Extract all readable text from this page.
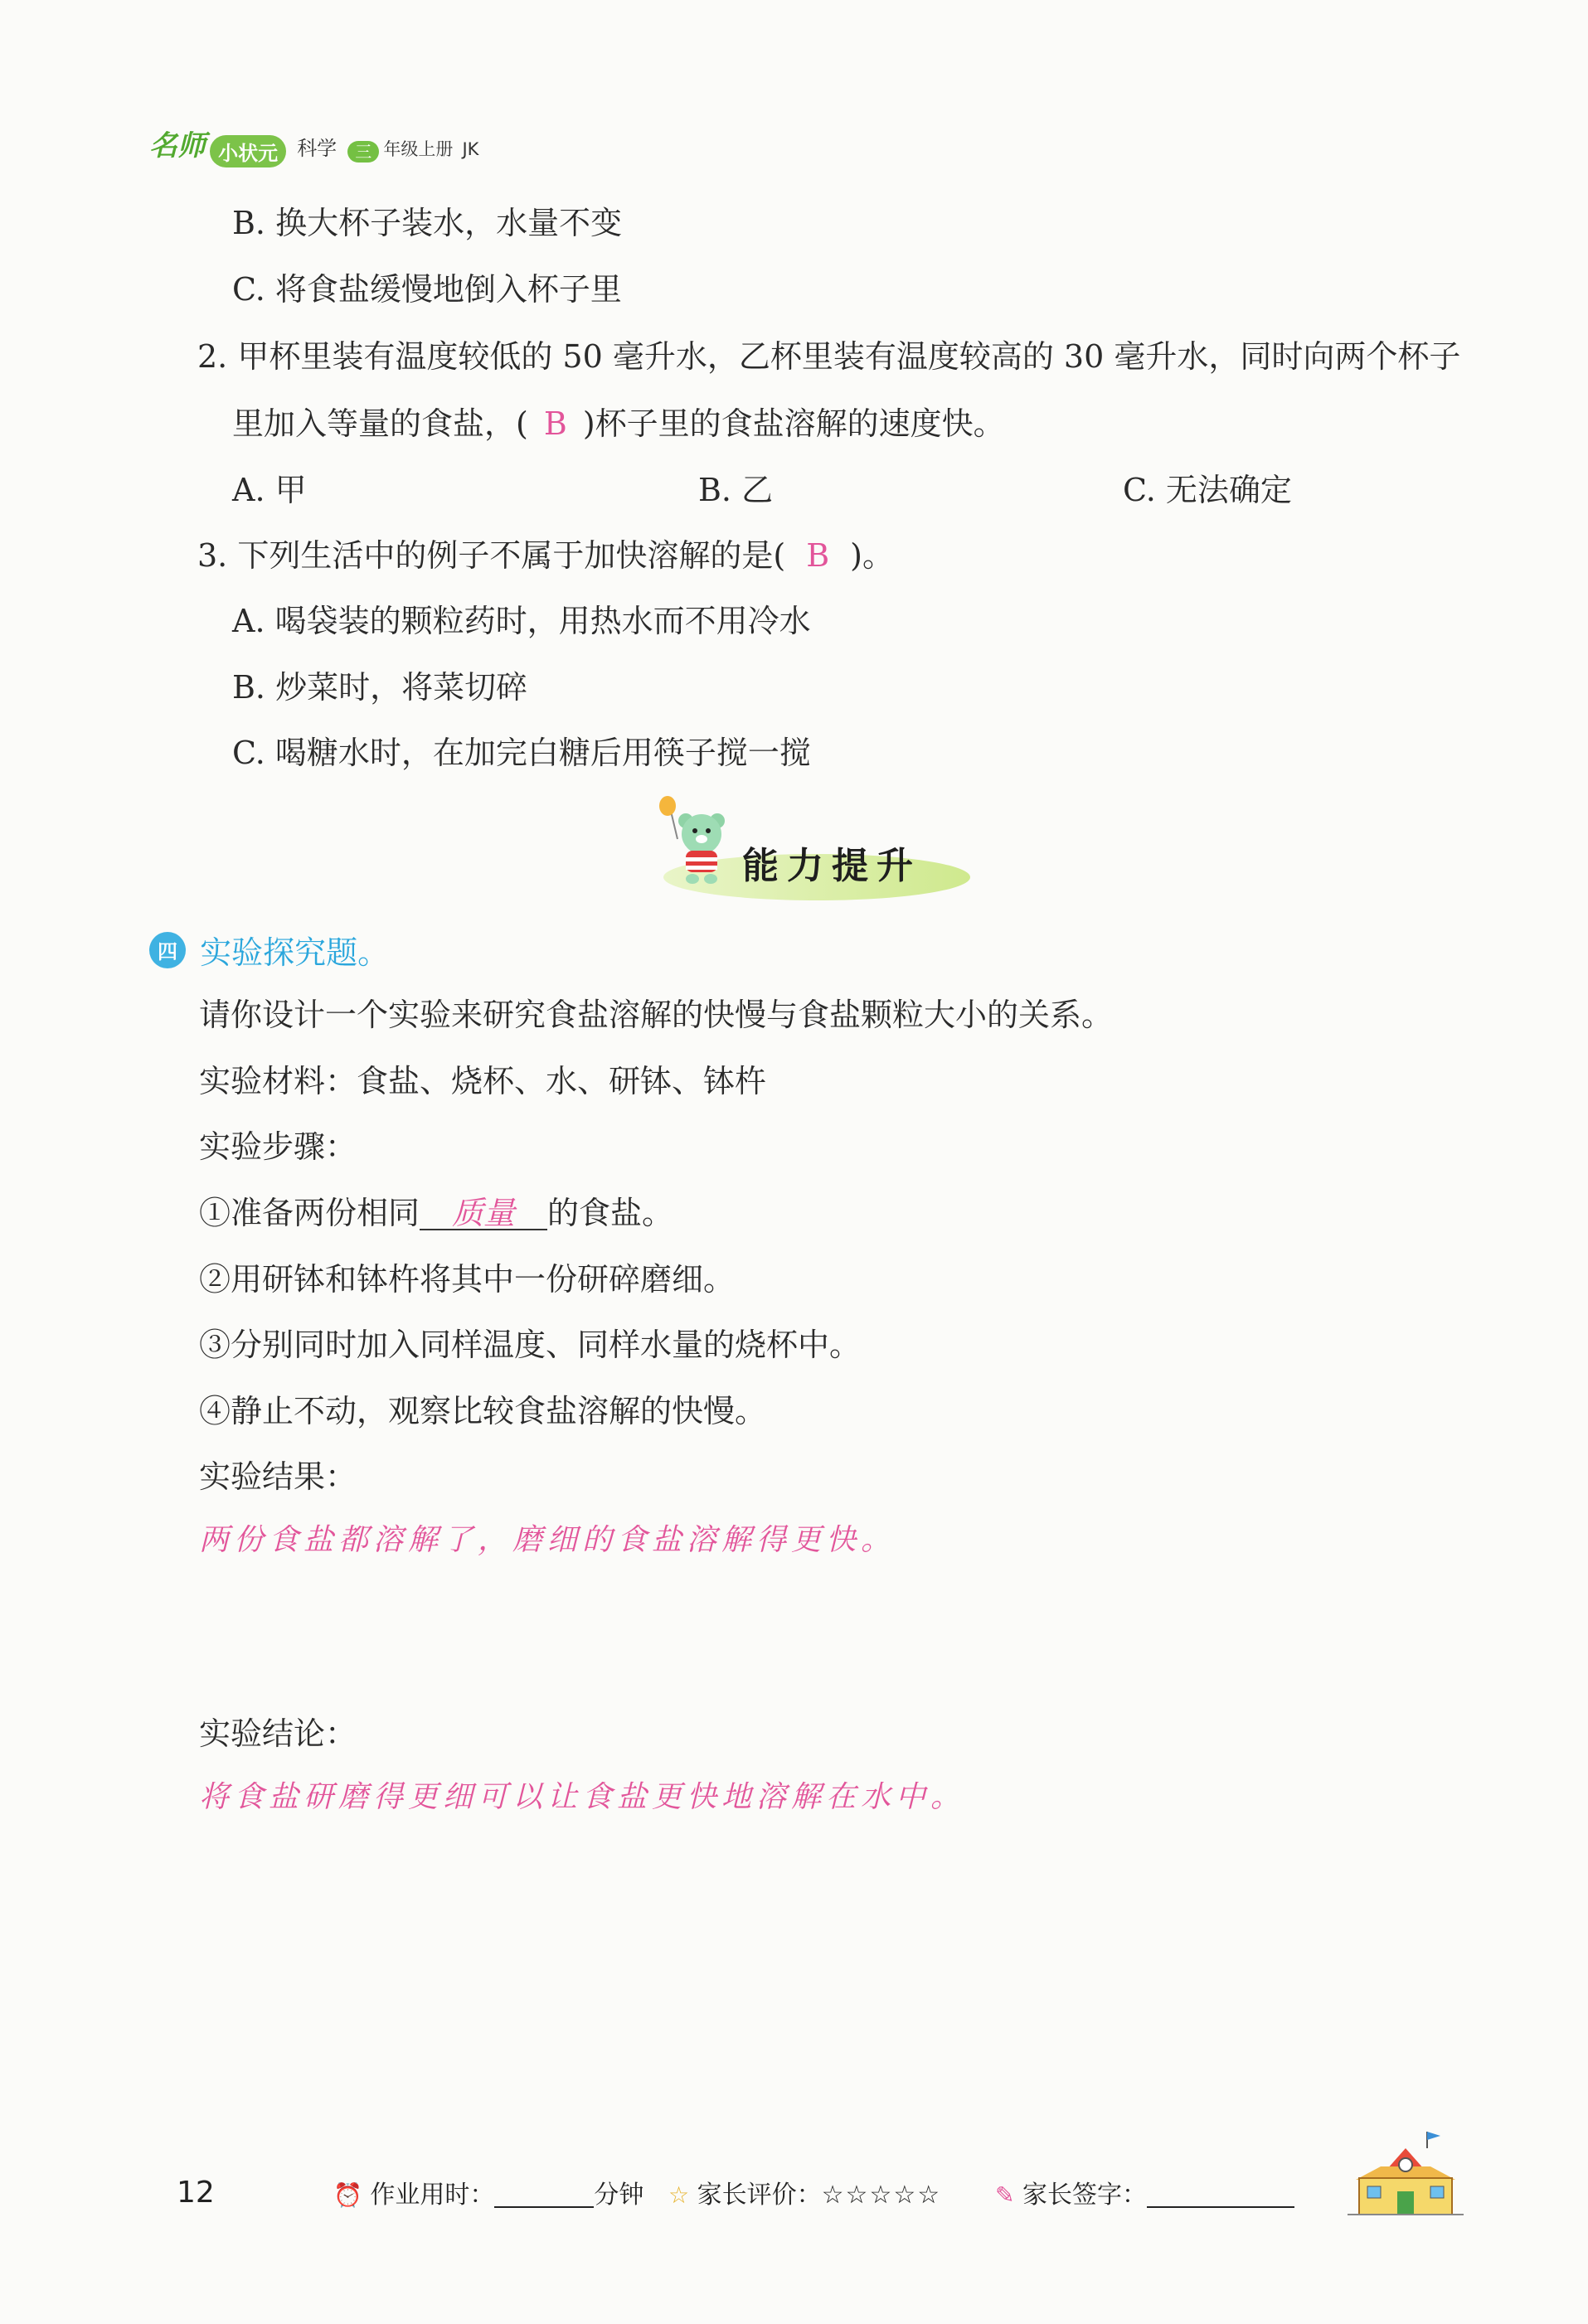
名师 小状元 科学 三 年级上册 JK
B. 换大杯子装水，水量不变
C. 将食盐缓慢地倒入杯子里
2. 甲杯里装有温度较低的 50 毫升水，乙杯里装有温度较高的 30 毫升水，同时向两个杯子
里加入等量的食盐，( B )杯子里的食盐溶解的速度快。
A. 甲	B. 乙	C. 无法确定
3. 下列生活中的例子不属于加快溶解的是( B )。
A. 喝袋装的颗粒药时，用热水而不用冷水
B. 炒菜时，将菜切碎
C. 喝糖水时，在加完白糖后用筷子搅一搅
能力提升
四 实验探究题。
请你设计一个实验来研究食盐溶解的快慢与食盐颗粒大小的关系。
实验材料：食盐、烧杯、水、研钵、钵杵
实验步骤：
①准备两份相同 质量 的食盐。
②用研钵和钵杵将其中一份研碎磨细。
③分别同时加入同样温度、同样水量的烧杯中。
④静止不动，观察比较食盐溶解的快慢。
实验结果：
两份食盐都溶解了，磨细的食盐溶解得更快。
实验结论：
将食盐研磨得更细可以让食盐更快地溶解在水中。
12	⏰ 作业用时：	分钟 ☆ 家长评价：☆☆☆☆☆ ✎ 家长签字：
